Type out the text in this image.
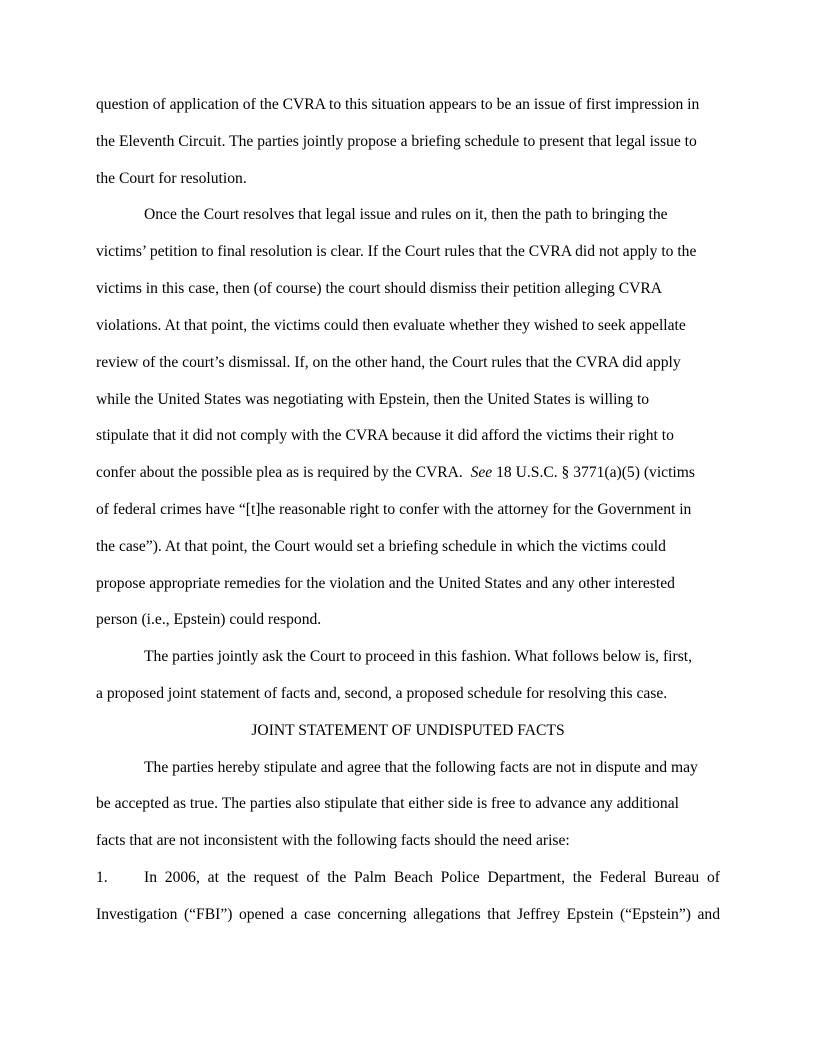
question of application of the CVRA to this situation appears to be an issue of first impression in
the Eleventh Circuit. The parties jointly propose a briefing schedule to present that legal issue to
the Court for resolution.
Once the Court resolves that legal issue and rules on it, then the path to bringing the
victims’ petition to final resolution is clear. If the Court rules that the CVRA did not apply to the
victims in this case, then (of course) the court should dismiss their petition alleging CVRA
violations. At that point, the victims could then evaluate whether they wished to seek appellate
review of the court’s dismissal. If, on the other hand, the Court rules that the CVRA did apply
while the United States was negotiating with Epstein, then the United States is willing to
stipulate that it did not comply with the CVRA because it did afford the victims their right to
confer about the possible plea as is required by the CVRA.  See 18 U.S.C. § 3771(a)(5) (victims
of federal crimes have “[t]he reasonable right to confer with the attorney for the Government in
the case”). At that point, the Court would set a briefing schedule in which the victims could
propose appropriate remedies for the violation and the United States and any other interested
person (i.e., Epstein) could respond.
The parties jointly ask the Court to proceed in this fashion. What follows below is, first,
a proposed joint statement of facts and, second, a proposed schedule for resolving this case.
JOINT STATEMENT OF UNDISPUTED FACTS
The parties hereby stipulate and agree that the following facts are not in dispute and may
be accepted as true. The parties also stipulate that either side is free to advance any additional
facts that are not inconsistent with the following facts should the need arise:
1. In 2006, at the request of the Palm Beach Police Department, the Federal Bureau of
Investigation (“FBI”) opened a case concerning allegations that Jeffrey Epstein (“Epstein”) and
